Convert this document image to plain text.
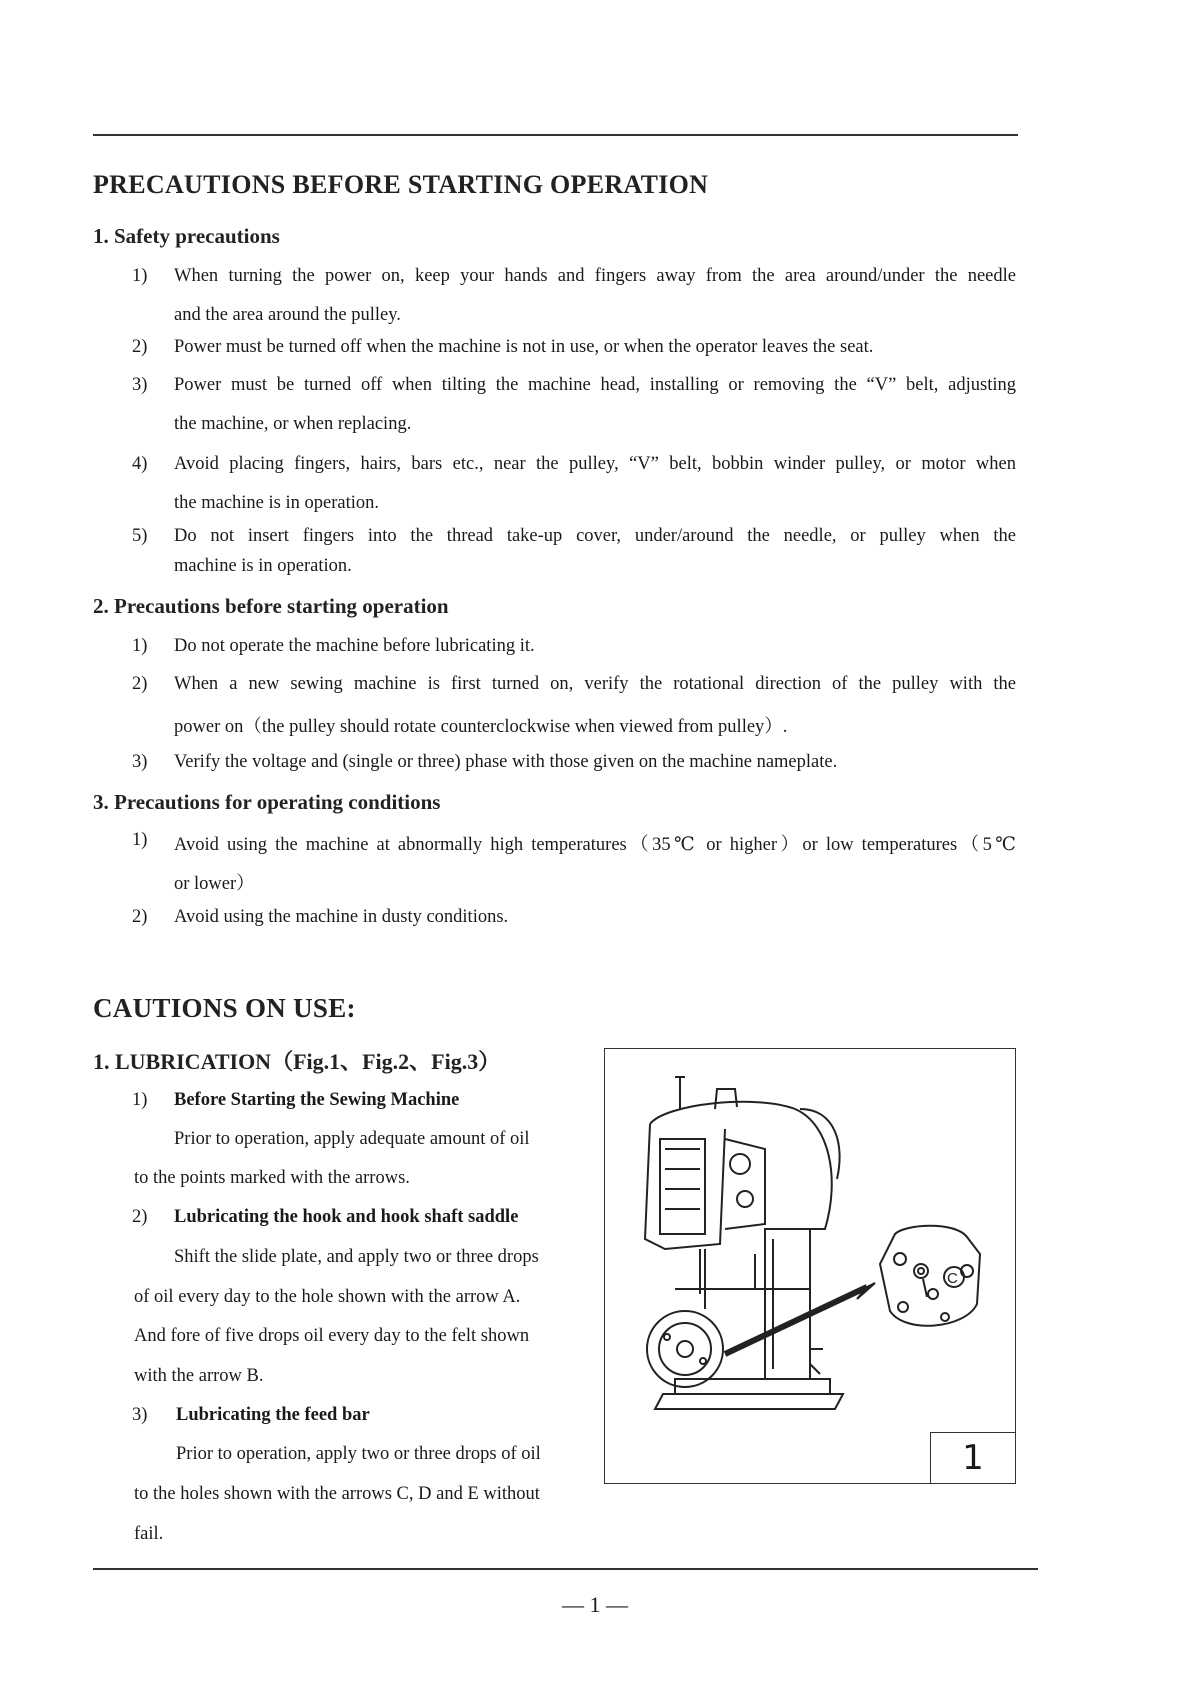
PRECAUTIONS BEFORE STARTING OPERATION
1. Safety precautions
1) When turning the power on, keep your hands and fingers away from the area around/under the needle
and the area around the pulley.
2) Power must be turned off when the machine is not in use, or when the operator leaves the seat.
3) Power must be turned off when tilting the machine head, installing or removing the “V” belt, adjusting
the machine, or when replacing.
4) Avoid placing fingers, hairs, bars etc., near the pulley, “V” belt, bobbin winder pulley, or motor when
the machine is in operation.
5) Do not insert fingers into the thread take-up cover, under/around the needle, or pulley when the
machine is in operation.
2. Precautions before starting operation
1) Do not operate the machine before lubricating it.
2) When a new sewing machine is first turned on, verify the rotational direction of the pulley with the
power on（the pulley should rotate counterclockwise when viewed from pulley）.
3) Verify the voltage and (single or three) phase with those given on the machine nameplate.
3. Precautions for operating conditions
1) Avoid using the machine at abnormally high temperatures（35℃ or higher）or low temperatures（5℃
or lower）
2) Avoid using the machine in dusty conditions.
CAUTIONS ON USE:
1. LUBRICATION（Fig.1、Fig.2、Fig.3）
1) Before Starting the Sewing Machine
Prior to operation, apply adequate amount of oil
to the points marked with the arrows.
2) Lubricating the hook and hook shaft saddle
Shift the slide plate, and apply two or three drops
of oil every day to the hole shown with the arrow A.
And fore of five drops oil every day to the felt shown
with the arrow B.
3) Lubricating the feed bar
Prior to operation, apply two or three drops of oil
to the holes shown with the arrows C, D and E without
fail.
C
1
— 1 —
